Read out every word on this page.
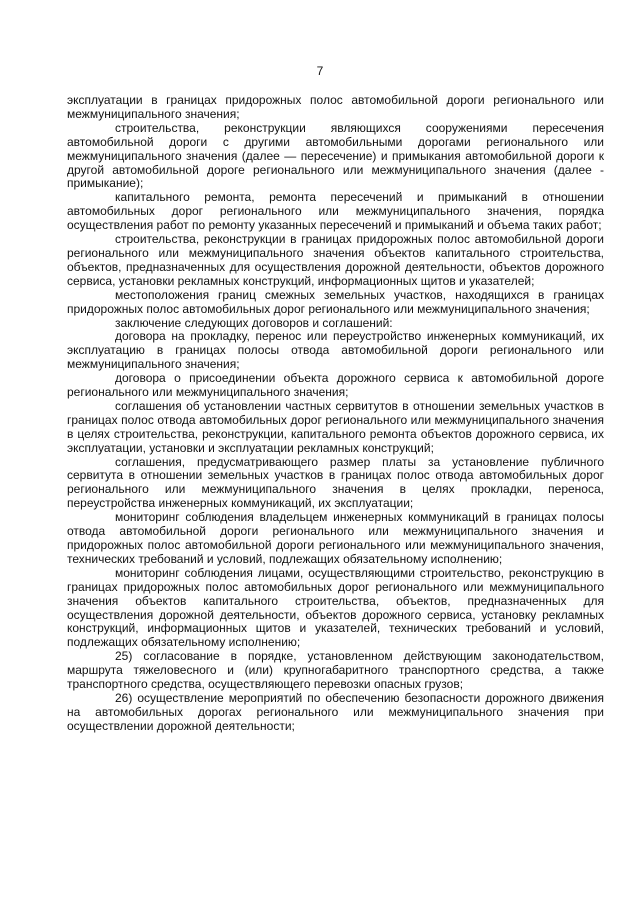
7

эксплуатации в границах придорожных полос автомобильной дороги регионального или межмуниципального значения;

строительства, реконструкции являющихся сооружениями пересечения автомобильной дороги с другими автомобильными дорогами регионального или межмуниципального значения (далее — пересечение) и примыкания автомобильной дороги к другой автомобильной дороге регионального или межмуниципального значения (далее - примыкание);

капитального ремонта, ремонта пересечений и примыканий в отношении автомобильных дорог регионального или межмуниципального значения, порядка осуществления работ по ремонту указанных пересечений и примыканий и объема таких работ;

строительства, реконструкции в границах придорожных полос автомобильной дороги регионального или межмуниципального значения объектов капитального строительства, объектов, предназначенных для осуществления дорожной деятельности, объектов дорожного сервиса, установки рекламных конструкций, информационных щитов и указателей;

местоположения границ смежных земельных участков, находящихся в границах придорожных полос автомобильных дорог регионального или межмуниципального значения;

заключение следующих договоров и соглашений:

договора на прокладку, перенос или переустройство инженерных коммуникаций, их эксплуатацию в границах полосы отвода автомобильной дороги регионального или межмуниципального значения;

договора о присоединении объекта дорожного сервиса к автомобильной дороге регионального или межмуниципального значения;

соглашения об установлении частных сервитутов в отношении земельных участков в границах полос отвода автомобильных дорог регионального или межмуниципального значения в целях строительства, реконструкции, капитального ремонта объектов дорожного сервиса, их эксплуатации, установки и эксплуатации рекламных конструкций;

соглашения, предусматривающего размер платы за установление публичного сервитута в отношении земельных участков в границах полос отвода автомобильных дорог регионального или межмуниципального значения в целях прокладки, переноса, переустройства инженерных коммуникаций, их эксплуатации;

мониторинг соблюдения владельцем инженерных коммуникаций в границах полосы отвода автомобильной дороги регионального или межмуниципального значения и придорожных полос автомобильной дороги регионального или межмуниципального значения, технических требований и условий, подлежащих обязательному исполнению;

мониторинг соблюдения лицами, осуществляющими строительство, реконструкцию в границах придорожных полос автомобильных дорог регионального или межмуниципального значения объектов капитального строительства, объектов, предназначенных для осуществления дорожной деятельности, объектов дорожного сервиса, установку рекламных конструкций, информационных щитов и указателей, технических требований и условий, подлежащих обязательному исполнению;

25) согласование в порядке, установленном действующим законодательством, маршрута тяжеловесного и (или) крупногабаритного транспортного средства, а также транспортного средства, осуществляющего перевозки опасных грузов;

26) осуществление мероприятий по обеспечению безопасности дорожного движения на автомобильных дорогах регионального или межмуниципального значения при осуществлении дорожной деятельности;
